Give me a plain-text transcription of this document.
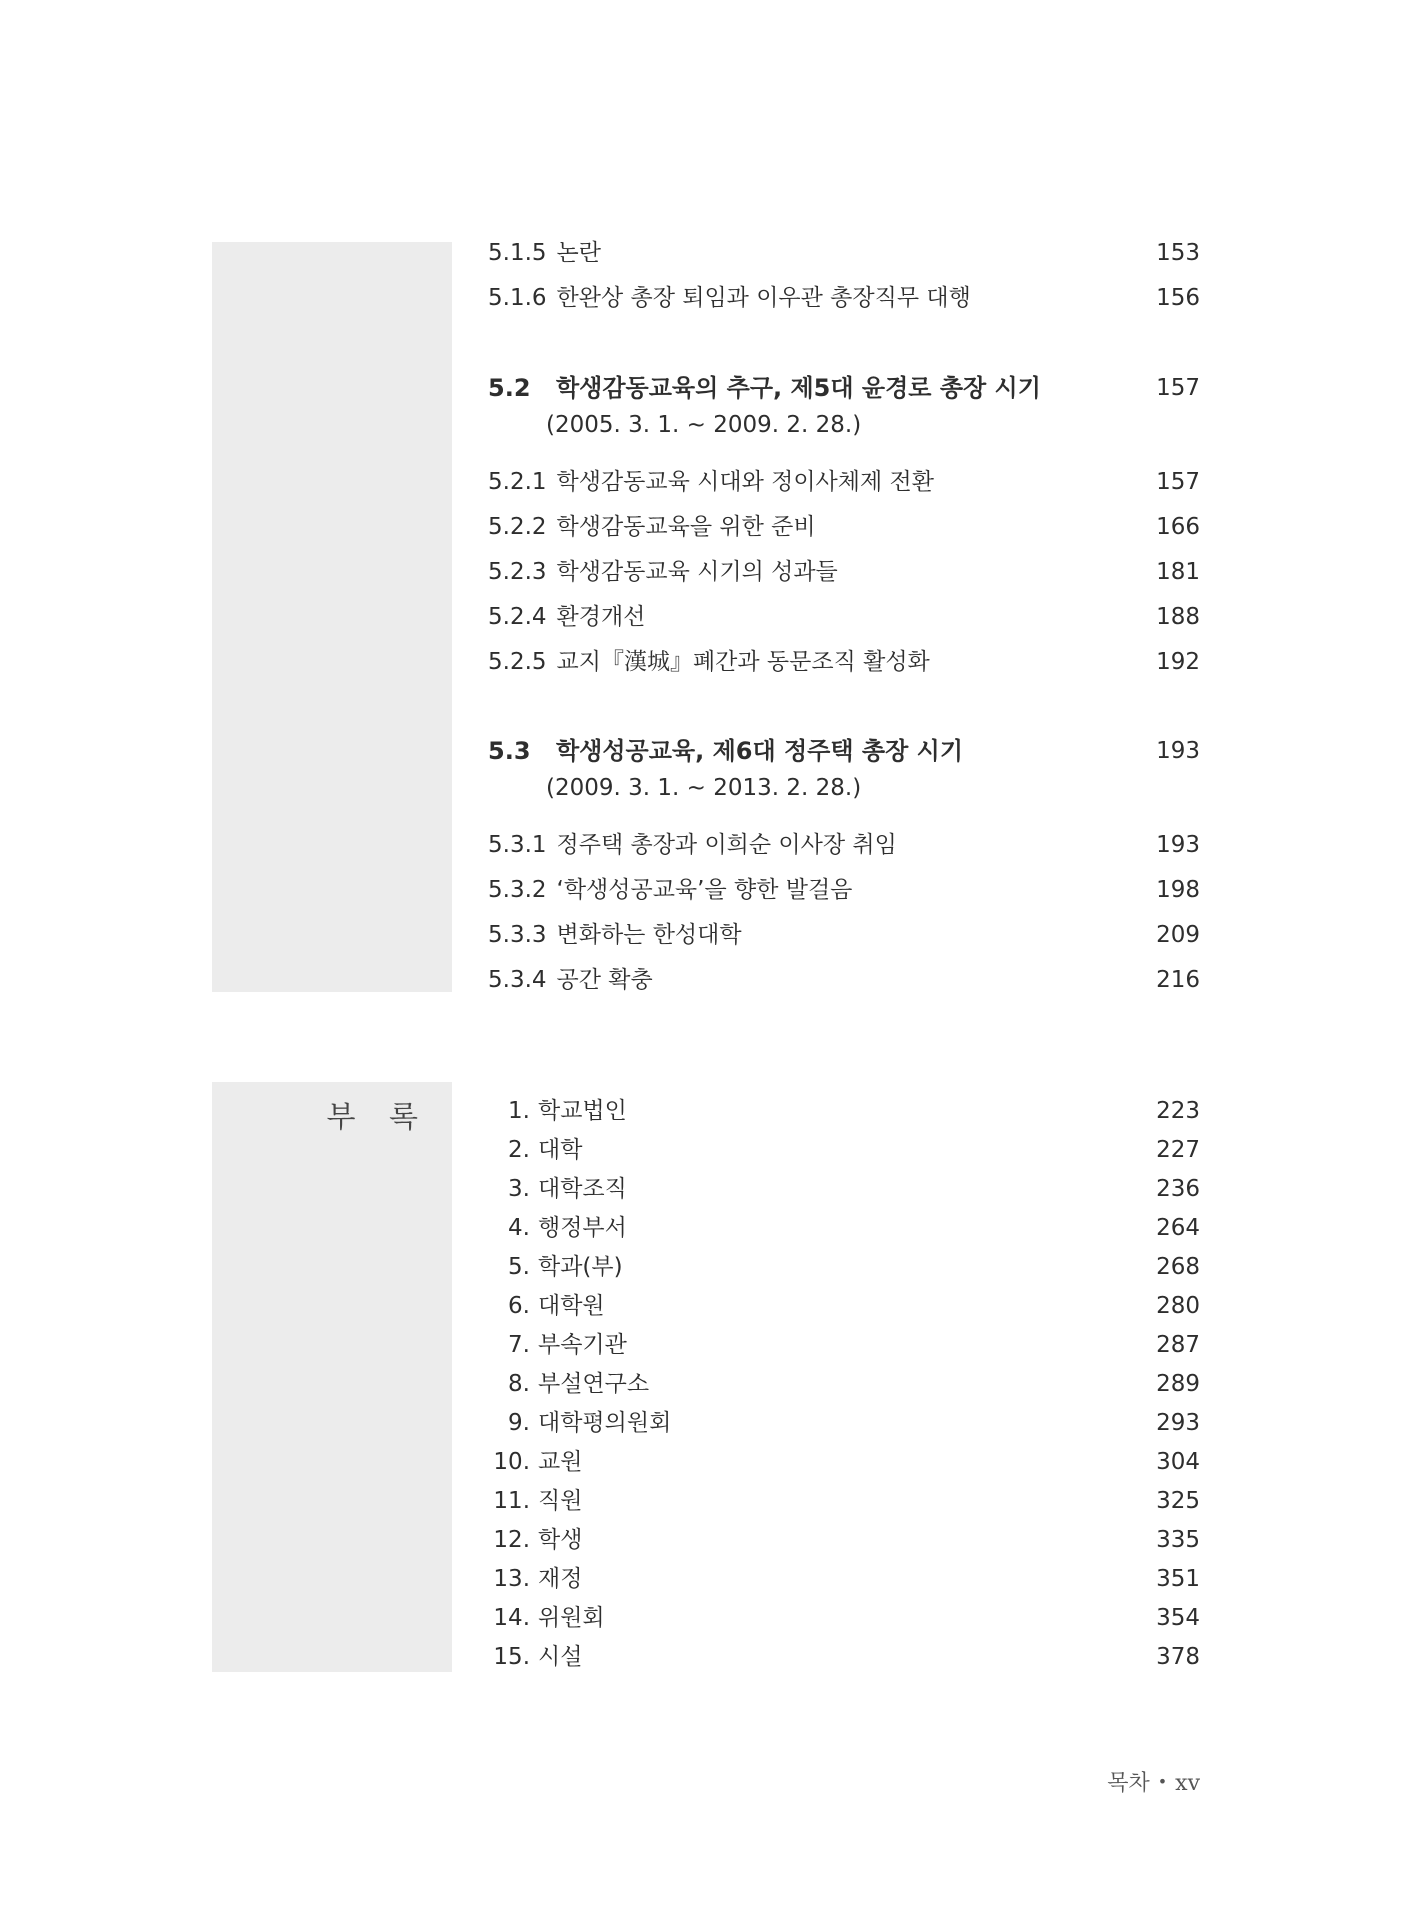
부 록
5.1.5 논란	153
5.1.6 한완상 총장 퇴임과 이우관 총장직무 대행	156
5.2 학생감동교육의 추구, 제5대 윤경로 총장 시기	157
(2005. 3. 1. ~ 2009. 2. 28.)
5.2.1 학생감동교육 시대와 정이사체제 전환	157
5.2.2 학생감동교육을 위한 준비	166
5.2.3 학생감동교육 시기의 성과들	181
5.2.4 환경개선	188
5.2.5 교지『漢城』폐간과 동문조직 활성화	192
5.3 학생성공교육, 제6대 정주택 총장 시기	193
(2009. 3. 1. ~ 2013. 2. 28.)
5.3.1 정주택 총장과 이희순 이사장 취임	193
5.3.2 ‘학생성공교육’을 향한 발걸음	198
5.3.3 변화하는 한성대학	209
5.3.4 공간 확충	216
1. 학교법인	223
2. 대학	227
3. 대학조직	236
4. 행정부서	264
5. 학과(부)	268
6. 대학원	280
7. 부속기관	287
8. 부설연구소	289
9. 대학평의원회	293
10. 교원	304
11. 직원	325
12. 학생	335
13. 재정	351
14. 위원회	354
15. 시설	378
목차 • xv
